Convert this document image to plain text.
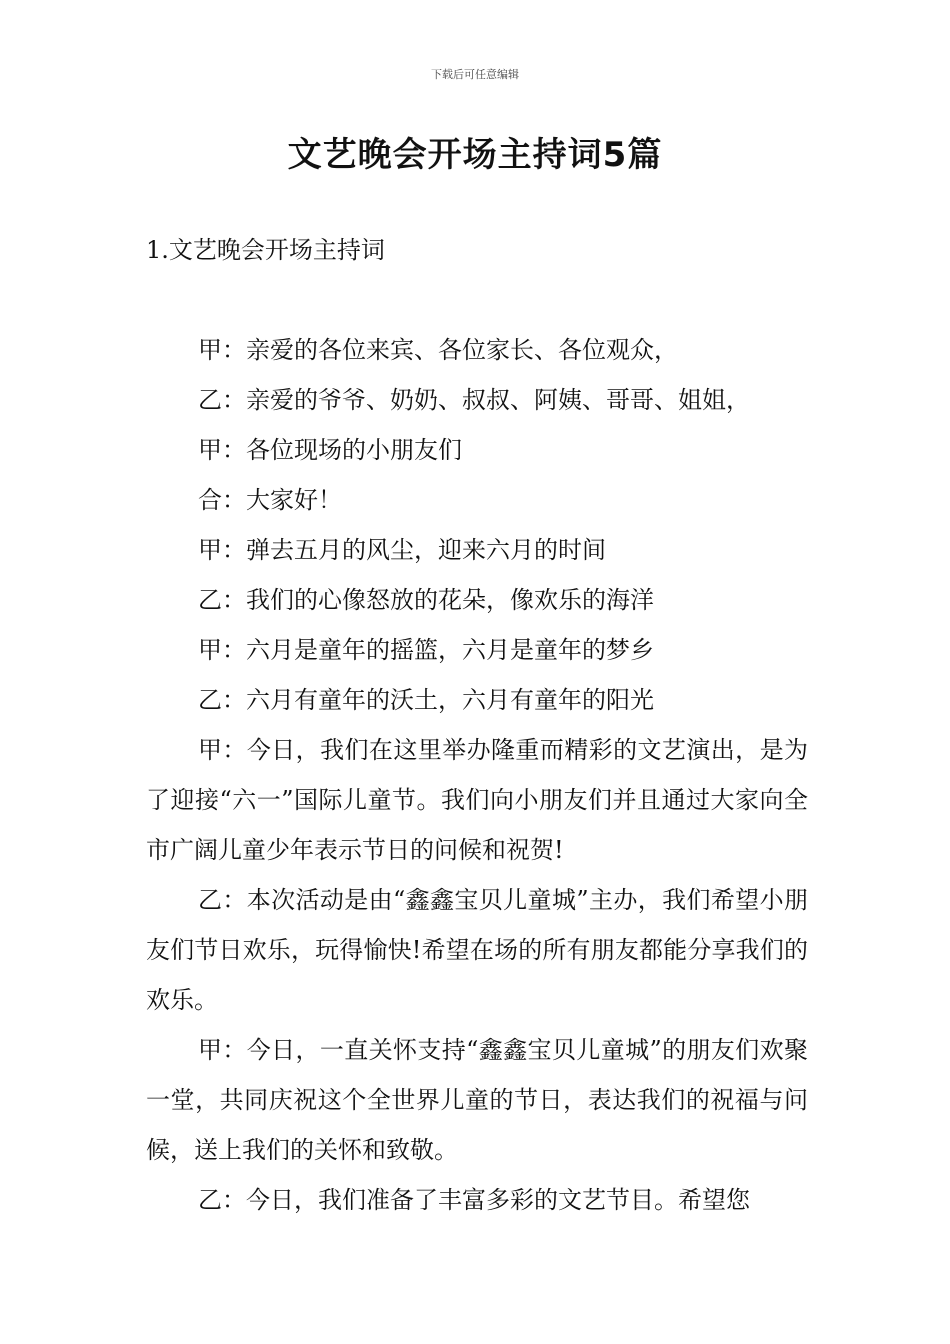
下载后可任意编辑
文艺晚会开场主持词5篇
1.文艺晚会开场主持词

甲：亲爱的各位来宾、各位家长、各位观众，

乙：亲爱的爷爷、奶奶、叔叔、阿姨、哥哥、姐姐，

甲：各位现场的小朋友们

合：大家好！

甲：弹去五月的风尘，迎来六月的时间

乙：我们的心像怒放的花朵，像欢乐的海洋

甲：六月是童年的摇篮，六月是童年的梦乡

乙：六月有童年的沃土，六月有童年的阳光

甲：今日，我们在这里举办隆重而精彩的文艺演出，是为了迎接“六一”国际儿童节。我们向小朋友们并且通过大家向全市广阔儿童少年表示节日的问候和祝贺!

乙：本次活动是由“鑫鑫宝贝儿童城”主办，我们希望小朋友们节日欢乐，玩得愉快!希望在场的所有朋友都能分享我们的欢乐。

甲：今日，一直关怀支持“鑫鑫宝贝儿童城”的朋友们欢聚一堂，共同庆祝这个全世界儿童的节日，表达我们的祝福与问候，送上我们的关怀和致敬。

乙：今日，我们准备了丰富多彩的文艺节目。希望您
